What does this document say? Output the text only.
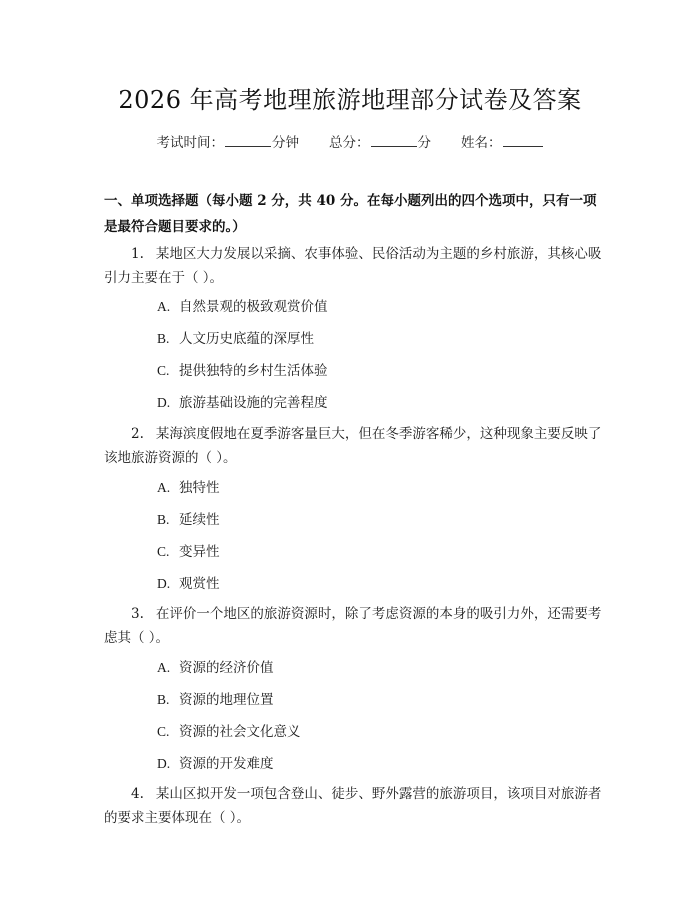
2026 年高考地理旅游地理部分试卷及答案
考试时间：	分钟 总分：	分 姓名：
一、单项选择题（每小题 2 分，共 40 分。在每小题列出的四个选项中，只有一项是最符合题目要求的。）
1. 某地区大力发展以采摘、农事体验、民俗活动为主题的乡村旅游，其核心吸引力主要在于（ ）。
A. 自然景观的极致观赏价值
B. 人文历史底蕴的深厚性
C. 提供独特的乡村生活体验
D. 旅游基础设施的完善程度
2. 某海滨度假地在夏季游客量巨大，但在冬季游客稀少，这种现象主要反映了该地旅游资源的（ ）。
A. 独特性
B. 延续性
C. 变异性
D. 观赏性
3. 在评价一个地区的旅游资源时，除了考虑资源的本身的吸引力外，还需要考虑其（ ）。
A. 资源的经济价值
B. 资源的地理位置
C. 资源的社会文化意义
D. 资源的开发难度
4. 某山区拟开发一项包含登山、徒步、野外露营的旅游项目，该项目对旅游者的要求主要体现在（ ）。
